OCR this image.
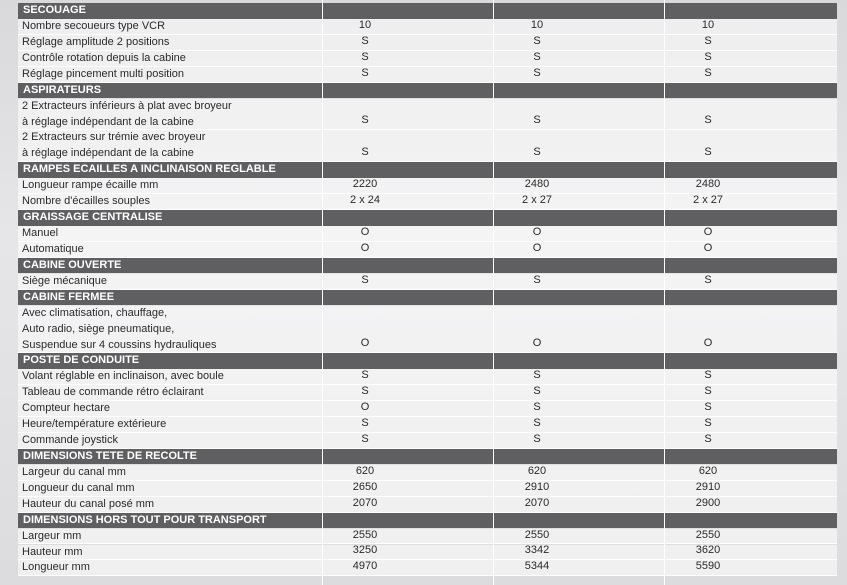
SECOUAGE
Nombre secoueurs type VCR	10	10	10
Réglage amplitude 2 positions	S	S	S
Contrôle rotation depuis la cabine	S	S	S
Réglage pincement multi position	S	S	S
ASPIRATEURS
2 Extracteurs inférieurs à plat avec broyeur
à réglage indépendant de la cabine	S	S	S
2 Extracteurs sur trémie avec broyeur
à réglage indépendant de la cabine	S	S	S
RAMPES ECAILLES A INCLINAISON REGLABLE
Longueur rampe écaille mm	2220	2480	2480
Nombre d'écailles souples	2 x 24	2 x 27	2 x 27
GRAISSAGE CENTRALISE
Manuel	O	O	O
Automatique	O	O	O
CABINE OUVERTE
Siège mécanique	S	S	S
CABINE FERMEE
Avec climatisation, chauffage,
Auto radio, siège pneumatique,
Suspendue sur 4 coussins hydrauliques	O	O	O
POSTE DE CONDUITE
Volant réglable en inclinaison, avec boule	S	S	S
Tableau de commande rétro éclairant	S	S	S
Compteur hectare	O	S	S
Heure/température extérieure	S	S	S
Commande joystick	S	S	S
DIMENSIONS TETE DE RECOLTE
Largeur du canal mm	620	620	620
Longueur du canal mm	2650	2910	2910
Hauteur du canal posé mm	2070	2070	2900
DIMENSIONS HORS TOUT POUR TRANSPORT
Largeur mm	2550	2550	2550
Hauteur mm	3250	3342	3620
Longueur mm	4970	5344	5590
